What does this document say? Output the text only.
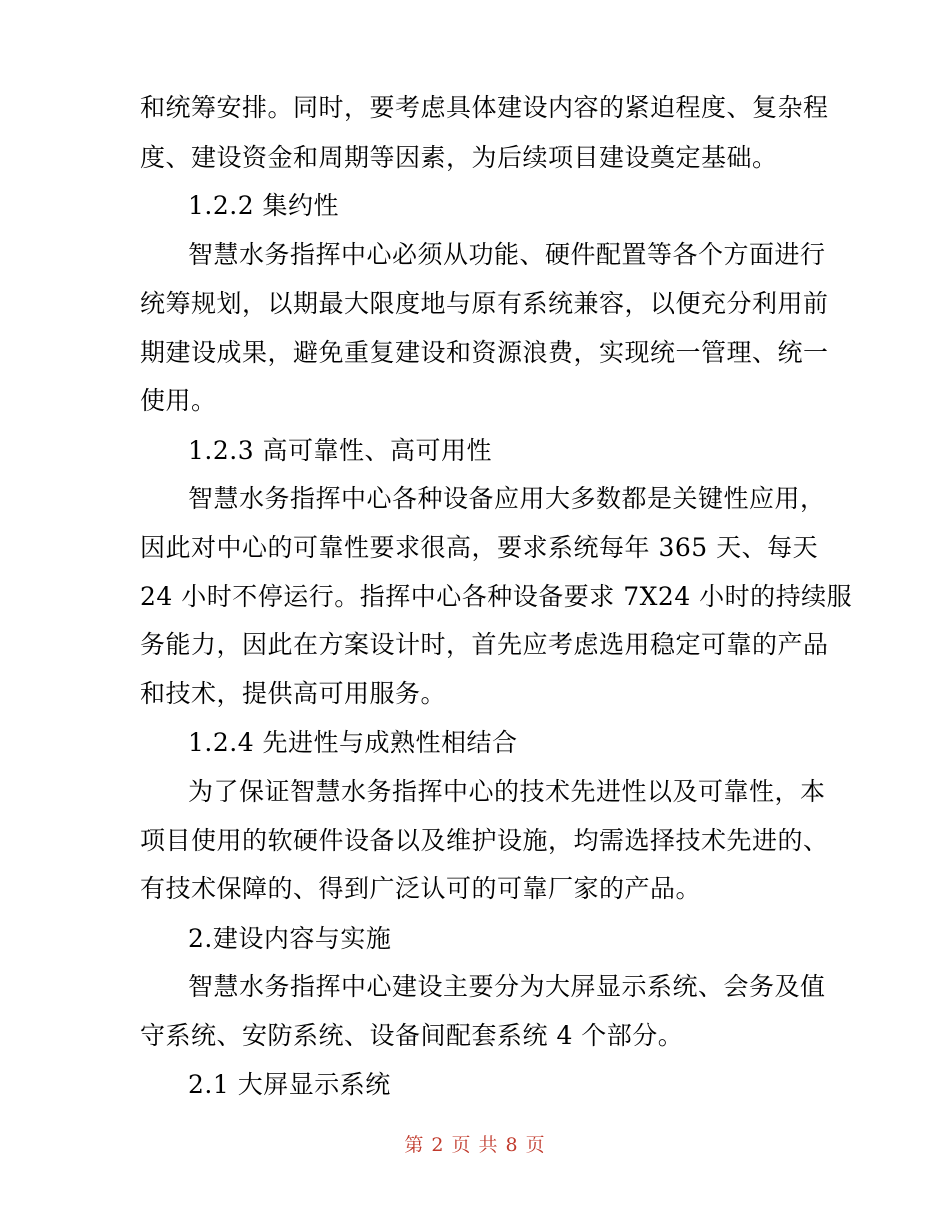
和统筹安排。同时，要考虑具体建设内容的紧迫程度、复杂程
度、建设资金和周期等因素，为后续项目建设奠定基础。
1.2.2 集约性
智慧水务指挥中心必须从功能、硬件配置等各个方面进行
统筹规划，以期最大限度地与原有系统兼容，以便充分利用前
期建设成果，避免重复建设和资源浪费，实现统一管理、统一
使用。
1.2.3 高可靠性、高可用性
智慧水务指挥中心各种设备应用大多数都是关键性应用，
因此对中心的可靠性要求很高，要求系统每年 365 天、每天
24 小时不停运行。指挥中心各种设备要求 7X24 小时的持续服
务能力，因此在方案设计时，首先应考虑选用稳定可靠的产品
和技术，提供高可用服务。
1.2.4 先进性与成熟性相结合
为了保证智慧水务指挥中心的技术先进性以及可靠性，本
项目使用的软硬件设备以及维护设施，均需选择技术先进的、
有技术保障的、得到广泛认可的可靠厂家的产品。
2.建设内容与实施
智慧水务指挥中心建设主要分为大屏显示系统、会务及值
守系统、安防系统、设备间配套系统 4 个部分。
2.1 大屏显示系统
第 2 页 共 8 页
